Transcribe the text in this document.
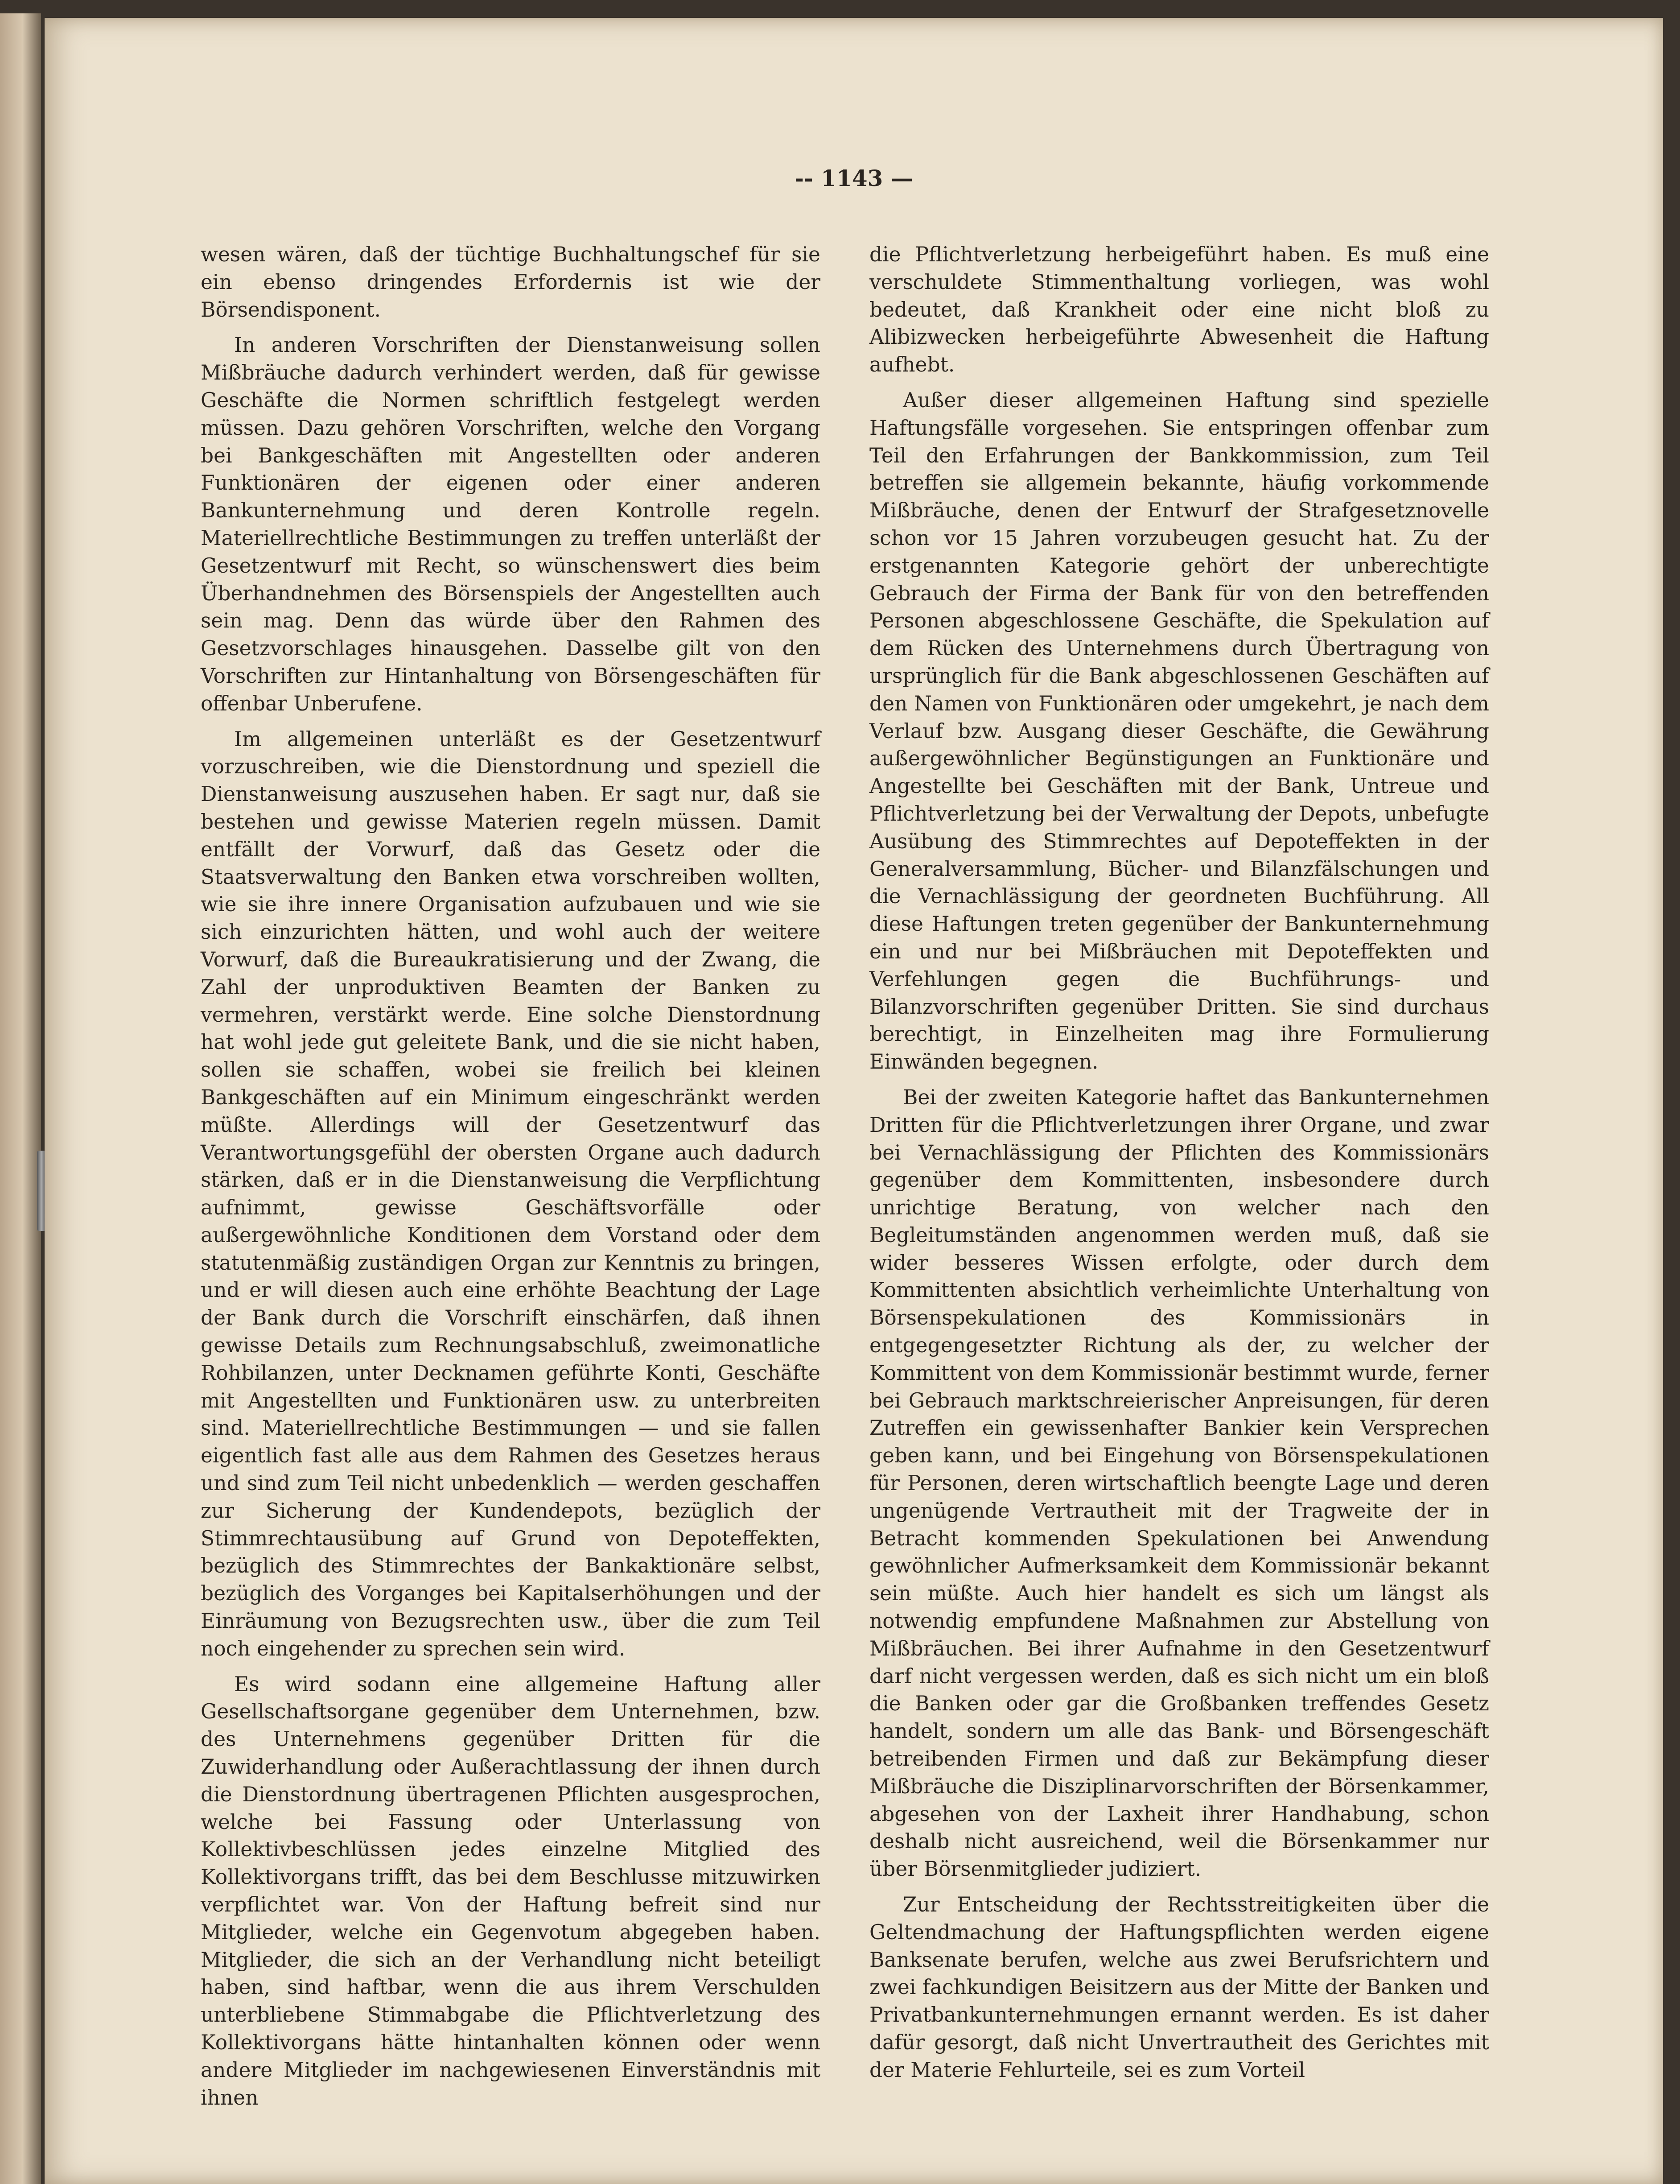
-- 1143 —

wesen wären, daß der tüchtige Buchhaltungschef für sie ein ebenso dringendes Erfordernis ist wie der Börsendisponent.

In anderen Vorschriften der Dienstanweisung sollen Mißbräuche dadurch verhindert werden, daß für gewisse Geschäfte die Normen schriftlich festgelegt werden müssen. Dazu gehören Vorschriften, welche den Vorgang bei Bankgeschäften mit Angestellten oder anderen Funktionären der eigenen oder einer anderen Bankunternehmung und deren Kontrolle regeln. Materiellrechtliche Bestimmungen zu treffen unterläßt der Gesetzentwurf mit Recht, so wünschenswert dies beim Überhandnehmen des Börsenspiels der Angestellten auch sein mag. Denn das würde über den Rahmen des Gesetzvorschlages hinausgehen. Dasselbe gilt von den Vorschriften zur Hintanhaltung von Börsengeschäften für offenbar Unberufene.

Im allgemeinen unterläßt es der Gesetzentwurf vorzuschreiben, wie die Dienstordnung und speziell die Dienstanweisung auszusehen haben. Er sagt nur, daß sie bestehen und gewisse Materien regeln müssen. Damit entfällt der Vorwurf, daß das Gesetz oder die Staatsverwaltung den Banken etwa vorschreiben wollten, wie sie ihre innere Organisation aufzubauen und wie sie sich einzurichten hätten, und wohl auch der weitere Vorwurf, daß die Bureaukratisierung und der Zwang, die Zahl der unproduktiven Beamten der Banken zu vermehren, verstärkt werde. Eine solche Dienstordnung hat wohl jede gut geleitete Bank, und die sie nicht haben, sollen sie schaffen, wobei sie freilich bei kleinen Bankgeschäften auf ein Minimum eingeschränkt werden müßte. Allerdings will der Gesetzentwurf das Verantwortungsgefühl der obersten Organe auch dadurch stärken, daß er in die Dienstanweisung die Verpflichtung aufnimmt, gewisse Geschäftsvorfälle oder außergewöhnliche Konditionen dem Vorstand oder dem statutenmäßig zuständigen Organ zur Kenntnis zu bringen, und er will diesen auch eine erhöhte Beachtung der Lage der Bank durch die Vorschrift einschärfen, daß ihnen gewisse Details zum Rechnungsabschluß, zweimonatliche Rohbilanzen, unter Decknamen geführte Konti, Geschäfte mit Angestellten und Funktionären usw. zu unterbreiten sind. Materiellrechtliche Bestimmungen — und sie fallen eigentlich fast alle aus dem Rahmen des Gesetzes heraus und sind zum Teil nicht unbedenklich — werden geschaffen zur Sicherung der Kundendepots, bezüglich der Stimmrechtausübung auf Grund von Depoteffekten, bezüglich des Stimmrechtes der Bankaktionäre selbst, bezüglich des Vorganges bei Kapitalserhöhungen und der Einräumung von Bezugsrechten usw., über die zum Teil noch eingehender zu sprechen sein wird.

Es wird sodann eine allgemeine Haftung aller Gesellschaftsorgane gegenüber dem Unternehmen, bzw. des Unternehmens gegenüber Dritten für die Zuwiderhandlung oder Außerachtlassung der ihnen durch die Dienstordnung übertragenen Pflichten ausgesprochen, welche bei Fassung oder Unterlassung von Kollektivbeschlüssen jedes einzelne Mitglied des Kollektivorgans trifft, das bei dem Beschlusse mitzuwirken verpflichtet war. Von der Haftung befreit sind nur Mitglieder, welche ein Gegenvotum abgegeben haben. Mitglieder, die sich an der Verhandlung nicht beteiligt haben, sind haftbar, wenn die aus ihrem Verschulden unterbliebene Stimmabgabe die Pflichtverletzung des Kollektivorgans hätte hintanhalten können oder wenn andere Mitglieder im nachgewiesenen Einverständnis mit ihnen

die Pflichtverletzung herbeigeführt haben. Es muß eine verschuldete Stimmenthaltung vorliegen, was wohl bedeutet, daß Krankheit oder eine nicht bloß zu Alibizwecken herbeigeführte Abwesenheit die Haftung aufhebt.

Außer dieser allgemeinen Haftung sind spezielle Haftungsfälle vorgesehen. Sie entspringen offenbar zum Teil den Erfahrungen der Bankkommission, zum Teil betreffen sie allgemein bekannte, häufig vorkommende Mißbräuche, denen der Entwurf der Strafgesetznovelle schon vor 15 Jahren vorzubeugen gesucht hat. Zu der erstgenannten Kategorie gehört der unberechtigte Gebrauch der Firma der Bank für von den betreffenden Personen abgeschlossene Geschäfte, die Spekulation auf dem Rücken des Unternehmens durch Übertragung von ursprünglich für die Bank abgeschlossenen Geschäften auf den Namen von Funktionären oder umgekehrt, je nach dem Verlauf bzw. Ausgang dieser Geschäfte, die Gewährung außergewöhnlicher Begünstigungen an Funktionäre und Angestellte bei Geschäften mit der Bank, Untreue und Pflichtverletzung bei der Verwaltung der Depots, unbefugte Ausübung des Stimmrechtes auf Depoteffekten in der Generalversammlung, Bücher- und Bilanzfälschungen und die Vernachlässigung der geordneten Buchführung. All diese Haftungen treten gegenüber der Bankunternehmung ein und nur bei Mißbräuchen mit Depoteffekten und Verfehlungen gegen die Buchführungs- und Bilanzvorschriften gegenüber Dritten. Sie sind durchaus berechtigt, in Einzelheiten mag ihre Formulierung Einwänden begegnen.

Bei der zweiten Kategorie haftet das Bankunternehmen Dritten für die Pflichtverletzungen ihrer Organe, und zwar bei Vernachlässigung der Pflichten des Kommissionärs gegenüber dem Kommittenten, insbesondere durch unrichtige Beratung, von welcher nach den Begleitumständen angenommen werden muß, daß sie wider besseres Wissen erfolgte, oder durch dem Kommittenten absichtlich verheimlichte Unterhaltung von Börsenspekulationen des Kommissionärs in entgegengesetzter Richtung als der, zu welcher der Kommittent von dem Kommissionär bestimmt wurde, ferner bei Gebrauch marktschreierischer Anpreisungen, für deren Zutreffen ein gewissenhafter Bankier kein Versprechen geben kann, und bei Eingehung von Börsenspekulationen für Personen, deren wirtschaftlich beengte Lage und deren ungenügende Vertrautheit mit der Tragweite der in Betracht kommenden Spekulationen bei Anwendung gewöhnlicher Aufmerksamkeit dem Kommissionär bekannt sein müßte. Auch hier handelt es sich um längst als notwendig empfundene Maßnahmen zur Abstellung von Mißbräuchen. Bei ihrer Aufnahme in den Gesetzentwurf darf nicht vergessen werden, daß es sich nicht um ein bloß die Banken oder gar die Großbanken treffendes Gesetz handelt, sondern um alle das Bank- und Börsengeschäft betreibenden Firmen und daß zur Bekämpfung dieser Mißbräuche die Disziplinarvorschriften der Börsenkammer, abgesehen von der Laxheit ihrer Handhabung, schon deshalb nicht ausreichend, weil die Börsenkammer nur über Börsenmitglieder judiziert.

Zur Entscheidung der Rechtsstreitigkeiten über die Geltendmachung der Haftungspflichten werden eigene Banksenate berufen, welche aus zwei Berufsrichtern und zwei fachkundigen Beisitzern aus der Mitte der Banken und Privatbankunternehmungen ernannt werden. Es ist daher dafür gesorgt, daß nicht Unvertrautheit des Gerichtes mit der Materie Fehlurteile, sei es zum Vorteil
